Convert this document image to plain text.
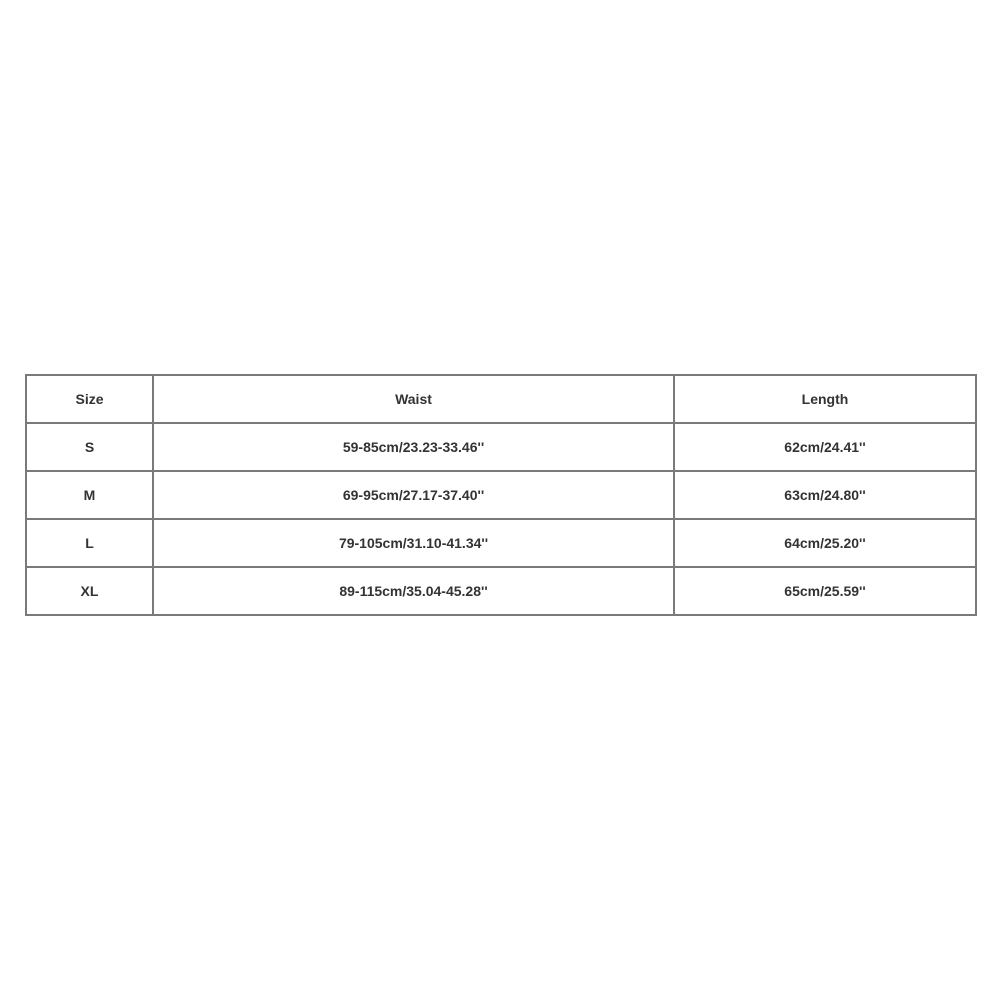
Size	Waist	Length
S	59-85cm/23.23-33.46''	62cm/24.41''
M	69-95cm/27.17-37.40''	63cm/24.80''
L	79-105cm/31.10-41.34''	64cm/25.20''
XL	89-115cm/35.04-45.28''	65cm/25.59''
